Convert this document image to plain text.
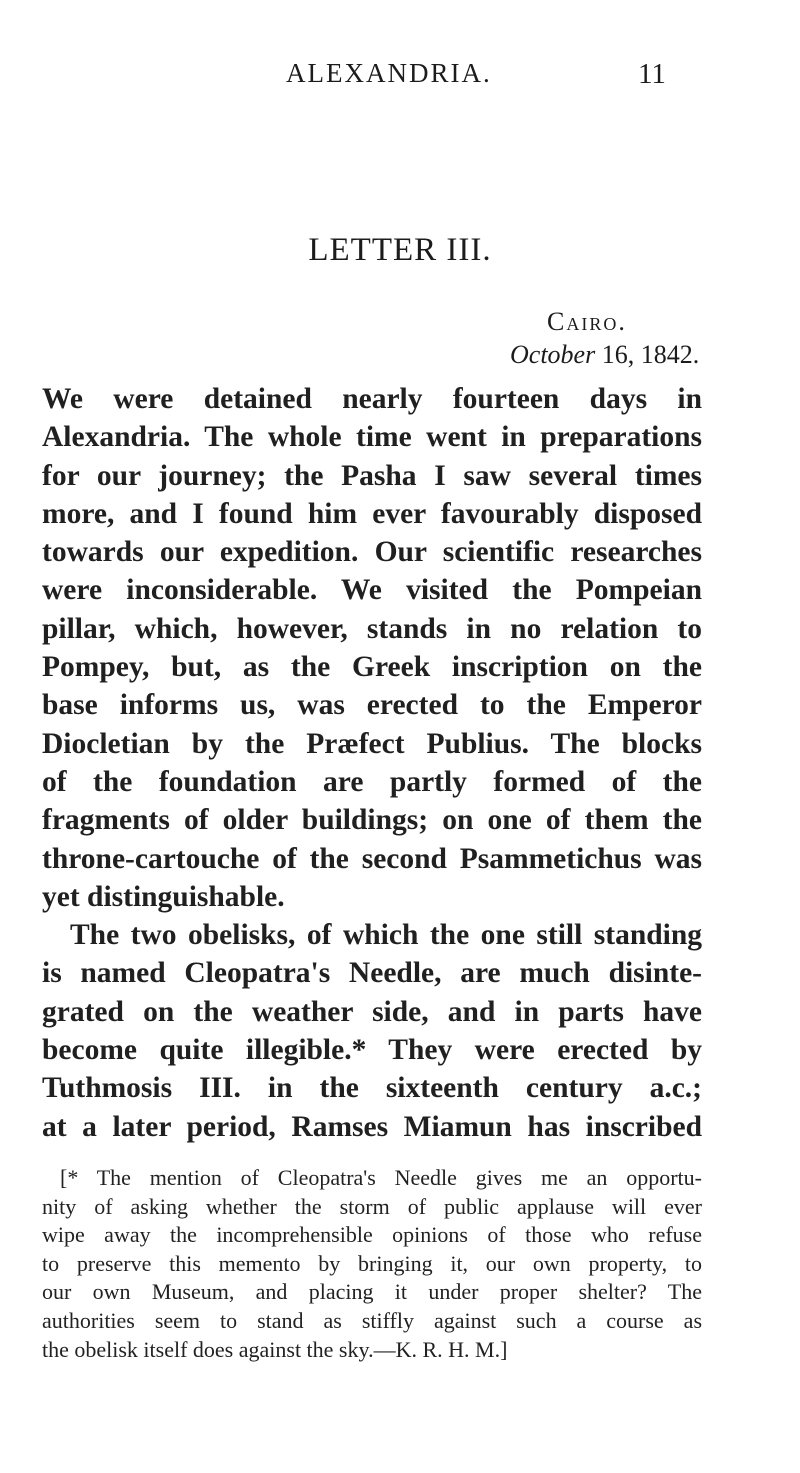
ALEXANDRIA.	11
LETTER III.
Cairo.
October 16, 1842.
We were detained nearly fourteen days in
Alexandria. The whole time went in preparations
for our journey; the Pasha I saw several times
more, and I found him ever favourably disposed
towards our expedition. Our scientific researches
were inconsiderable. We visited the Pompeian
pillar, which, however, stands in no relation to
Pompey, but, as the Greek inscription on the
base informs us, was erected to the Emperor
Diocletian by the Præfect Publius. The blocks
of the foundation are partly formed of the
fragments of older buildings; on one of them the
throne-cartouche of the second Psammetichus was
yet distinguishable.
The two obelisks, of which the one still standing
is named Cleopatra's Needle, are much disinte-
grated on the weather side, and in parts have
become quite illegible.* They were erected by
Tuthmosis III. in the sixteenth century a.c.;
at a later period, Ramses Miamun has inscribed
[* The mention of Cleopatra's Needle gives me an opportu-
nity of asking whether the storm of public applause will ever
wipe away the incomprehensible opinions of those who refuse
to preserve this memento by bringing it, our own property, to
our own Museum, and placing it under proper shelter? The
authorities seem to stand as stiffly against such a course as
the obelisk itself does against the sky.—K. R. H. M.]
